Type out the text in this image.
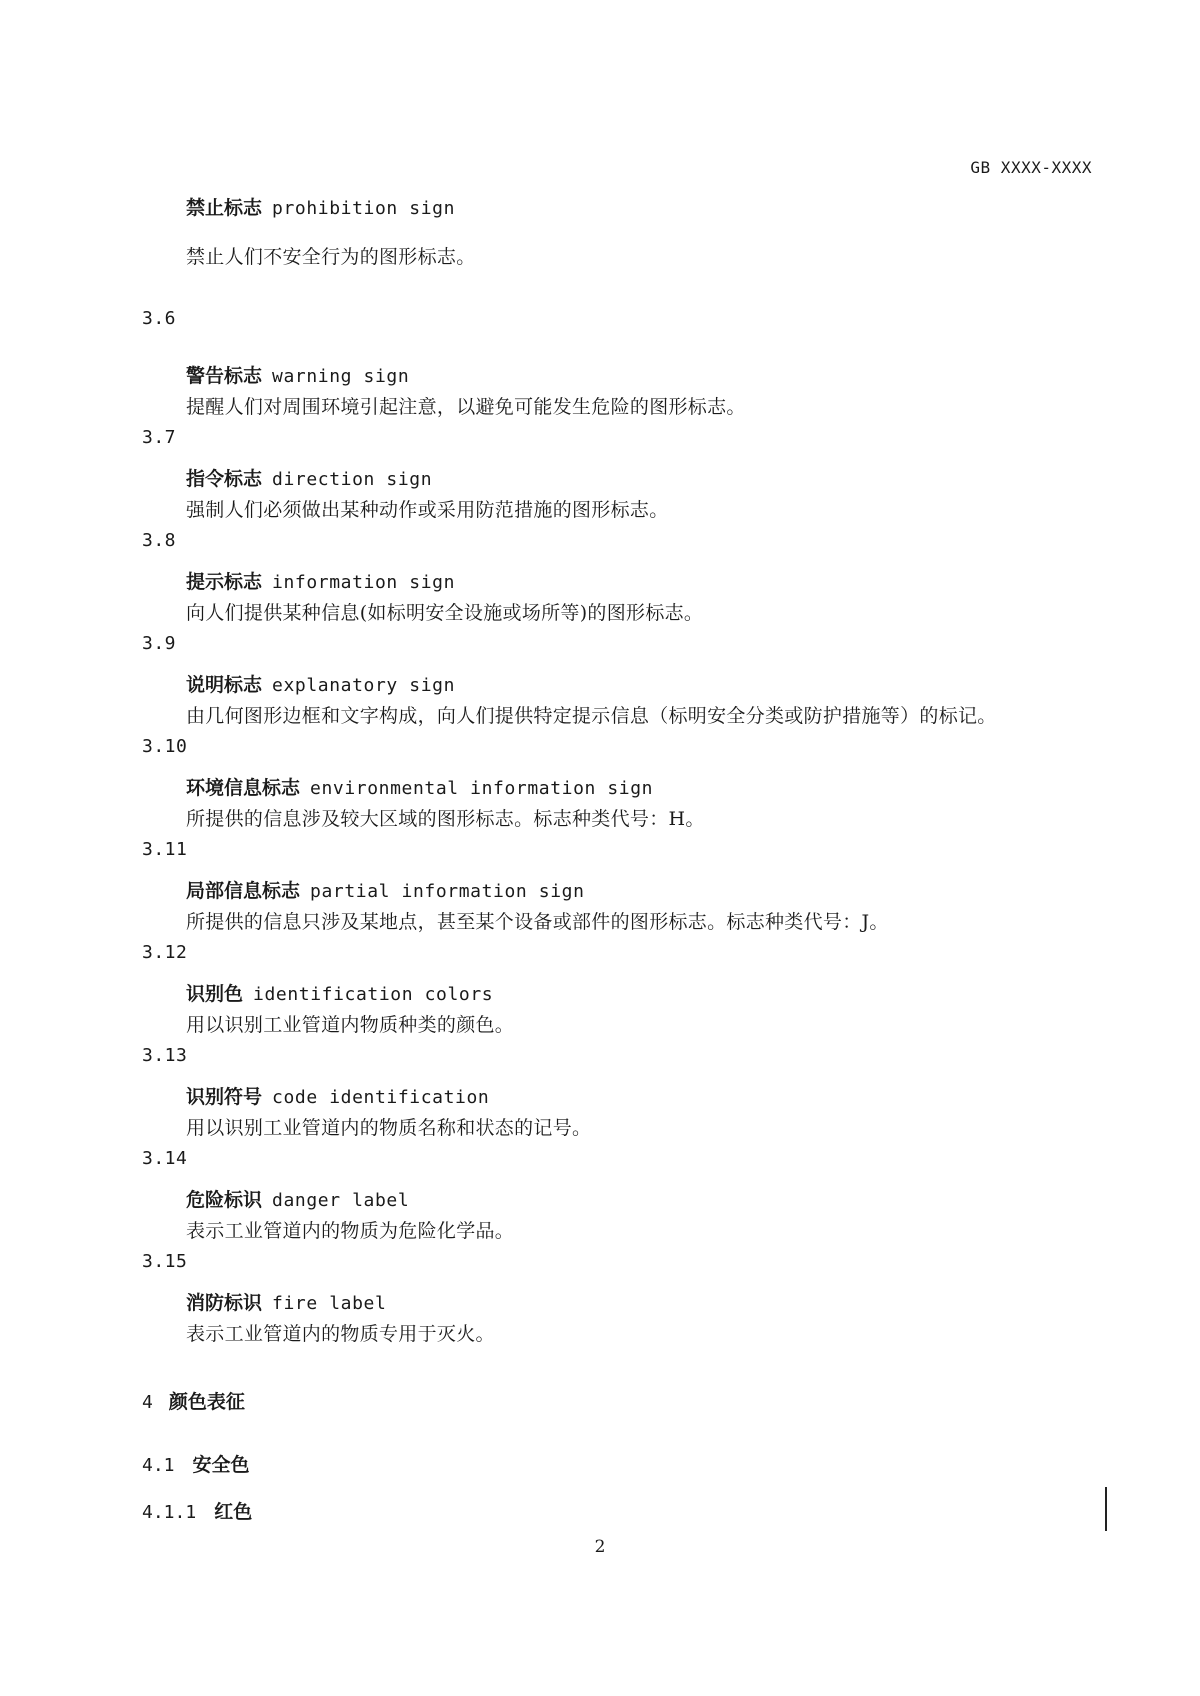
GB XXXX-XXXX
禁止标志 prohibition sign
禁止人们不安全行为的图形标志。
3.6
警告标志 warning sign
提醒人们对周围环境引起注意，以避免可能发生危险的图形标志。
3.7
指令标志 direction sign
强制人们必须做出某种动作或采用防范措施的图形标志。
3.8
提示标志 information sign
向人们提供某种信息(如标明安全设施或场所等)的图形标志。
3.9
说明标志 explanatory sign
由几何图形边框和文字构成，向人们提供特定提示信息（标明安全分类或防护措施等）的标记。
3.10
环境信息标志 environmental information sign
所提供的信息涉及较大区域的图形标志。标志种类代号：H。
3.11
局部信息标志 partial information sign
所提供的信息只涉及某地点，甚至某个设备或部件的图形标志。标志种类代号：J。
3.12
识别色 identification colors
用以识别工业管道内物质种类的颜色。
3.13
识别符号 code identification
用以识别工业管道内的物质名称和状态的记号。
3.14
危险标识 danger label
表示工业管道内的物质为危险化学品。
3.15
消防标识 fire label
表示工业管道内的物质专用于灭火。
4 颜色表征
4.1 安全色
4.1.1 红色
2
